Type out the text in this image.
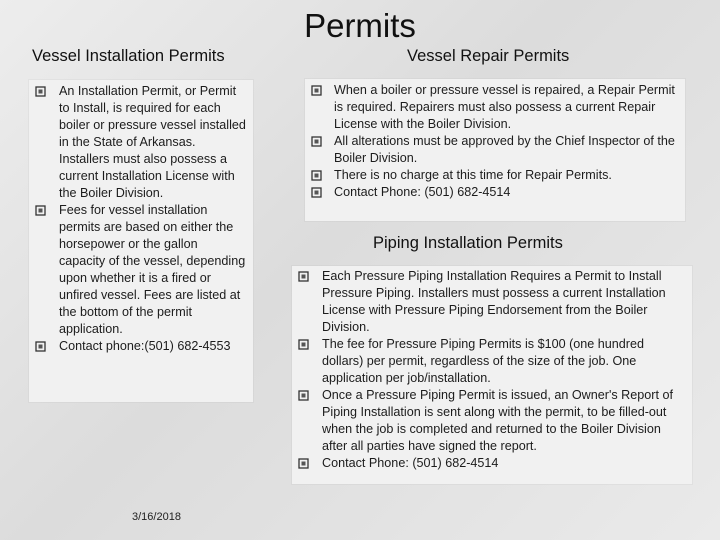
Permits
Vessel Installation Permits	Vessel Repair Permits
Piping Installation Permits
An Installation Permit, or Permit to Install, is required for each boiler or pressure vessel installed in the State of Arkansas. Installers must also possess a current Installation License with the Boiler Division.
Fees for vessel installation permits are based on either the horsepower or the gallon capacity of the vessel, depending upon whether it is a fired or unfired vessel. Fees are listed at the bottom of the permit application.
Contact phone:(501) 682-4553
When a boiler or pressure vessel is repaired, a Repair Permit is required. Repairers must also possess a current Repair License with the Boiler Division.
All alterations must be approved by the Chief Inspector of the Boiler Division.
There is no charge at this time for Repair Permits.
Contact Phone: (501) 682-4514
Each Pressure Piping Installation Requires a Permit to Install Pressure Piping. Installers must possess a current Installation License with Pressure Piping Endorsement from the Boiler Division.
The fee for Pressure Piping Permits is $100 (one hundred dollars) per permit, regardless of the size of the job. One application per job/installation.
Once a Pressure Piping Permit is issued, an Owner's Report of Piping Installation is sent along with the permit, to be filled-out when the job is completed and returned to the Boiler Division after all parties have signed the report.
Contact Phone: (501) 682-4514
3/16/2018
